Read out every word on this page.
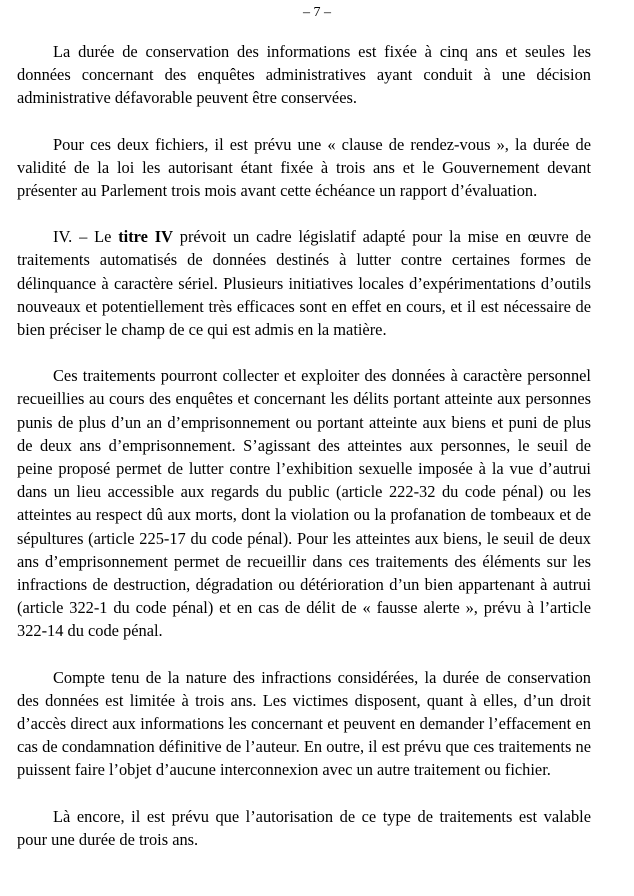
– 7 –

La durée de conservation des informations est fixée à cinq ans et seules les données concernant des enquêtes administratives ayant conduit à une décision administrative défavorable peuvent être conservées.

Pour ces deux fichiers, il est prévu une « clause de rendez-vous », la durée de validité de la loi les autorisant étant fixée à trois ans et le Gouvernement devant présenter au Parlement trois mois avant cette échéance un rapport d’évaluation.

IV. – Le titre IV prévoit un cadre législatif adapté pour la mise en œuvre de traitements automatisés de données destinés à lutter contre certaines formes de délinquance à caractère sériel. Plusieurs initiatives locales d’expérimentations d’outils nouveaux et potentiellement très efficaces sont en effet en cours, et il est nécessaire de bien préciser le champ de ce qui est admis en la matière.

Ces traitements pourront collecter et exploiter des données à caractère personnel recueillies au cours des enquêtes et concernant les délits portant atteinte aux personnes punis de plus d’un an d’emprisonnement ou portant atteinte aux biens et puni de plus de deux ans d’emprisonnement. S’agissant des atteintes aux personnes, le seuil de peine proposé permet de lutter contre l’exhibition sexuelle imposée à la vue d’autrui dans un lieu accessible aux regards du public (article 222-32 du code pénal) ou les atteintes au respect dû aux morts, dont la violation ou la profanation de tombeaux et de sépultures (article 225-17 du code pénal). Pour les atteintes aux biens, le seuil de deux ans d’emprisonnement permet de recueillir dans ces traitements des éléments sur les infractions de destruction, dégradation ou détérioration d’un bien appartenant à autrui (article 322-1 du code pénal) et en cas de délit de « fausse alerte », prévu à l’article 322-14 du code pénal.

Compte tenu de la nature des infractions considérées, la durée de conservation des données est limitée à trois ans. Les victimes disposent, quant à elles, d’un droit d’accès direct aux informations les concernant et peuvent en demander l’effacement en cas de condamnation définitive de l’auteur. En outre, il est prévu que ces traitements ne puissent faire l’objet d’aucune interconnexion avec un autre traitement ou fichier.

Là encore, il est prévu que l’autorisation de ce type de traitements est valable pour une durée de trois ans.
